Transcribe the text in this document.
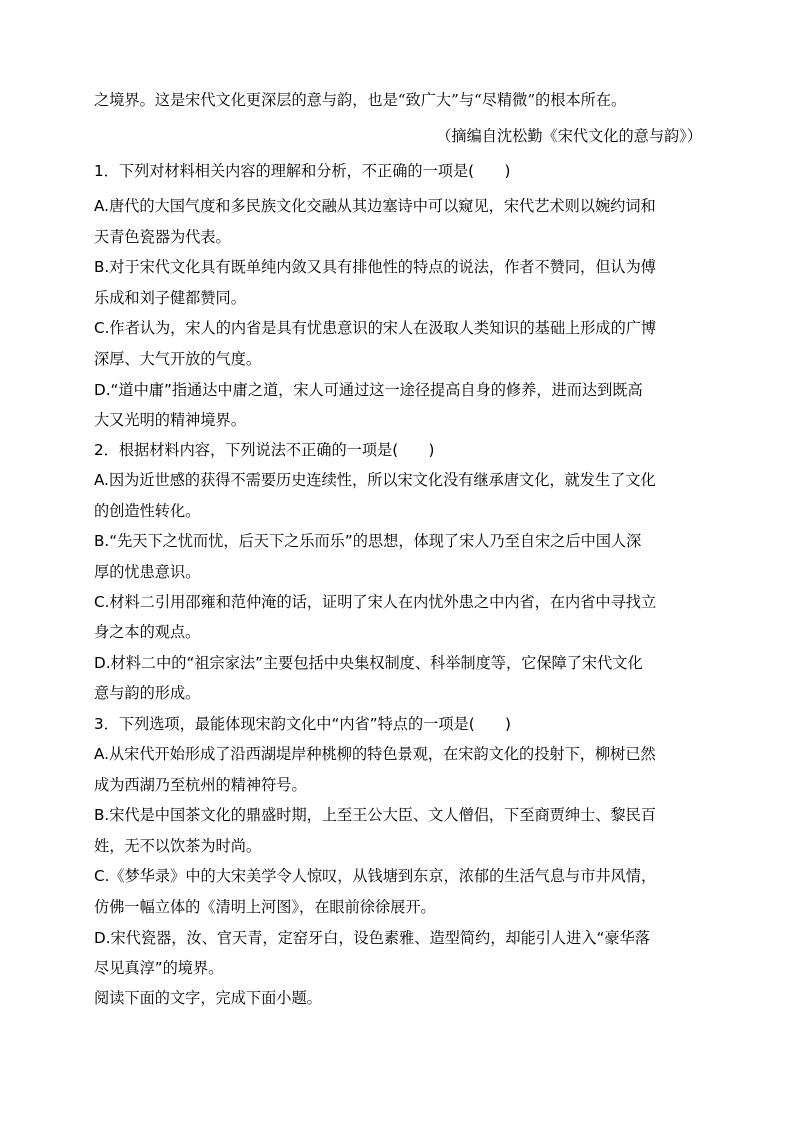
之境界。这是宋代文化更深层的意与韵，也是“致广大”与“尽精微”的根本所在。
（摘编自沈松勤《宋代文化的意与韵》）
1．下列对材料相关内容的理解和分析，不正确的一项是(　　)
A.唐代的大国气度和多民族文化交融从其边塞诗中可以窥见，宋代艺术则以婉约词和
天青色瓷器为代表。
B.对于宋代文化具有既单纯内敛又具有排他性的特点的说法，作者不赞同，但认为傅
乐成和刘子健都赞同。
C.作者认为，宋人的内省是具有忧患意识的宋人在汲取人类知识的基础上形成的广博
深厚、大气开放的气度。
D.“道中庸”指通达中庸之道，宋人可通过这一途径提高自身的修养，进而达到既高
大又光明的精神境界。
2．根据材料内容，下列说法不正确的一项是(　　)
A.因为近世感的获得不需要历史连续性，所以宋文化没有继承唐文化，就发生了文化
的创造性转化。
B.“先天下之忧而忧，后天下之乐而乐”的思想，体现了宋人乃至自宋之后中国人深
厚的忧患意识。
C.材料二引用邵雍和范仲淹的话，证明了宋人在内忧外患之中内省，在内省中寻找立
身之本的观点。
D.材料二中的“祖宗家法”主要包括中央集权制度、科举制度等，它保障了宋代文化
意与韵的形成。
3．下列选项，最能体现宋韵文化中“内省”特点的一项是(　　)
A.从宋代开始形成了沿西湖堤岸种桃柳的特色景观，在宋韵文化的投射下，柳树已然
成为西湖乃至杭州的精神符号。
B.宋代是中国茶文化的鼎盛时期，上至王公大臣、文人僧侣，下至商贾绅士、黎民百
姓，无不以饮茶为时尚。
C.《梦华录》中的大宋美学令人惊叹，从钱塘到东京，浓郁的生活气息与市井风情，
仿佛一幅立体的《清明上河图》，在眼前徐徐展开。
D.宋代瓷器，汝、官天青，定窑牙白，设色素雅、造型简约，却能引人进入“豪华落
尽见真淳”的境界。
阅读下面的文字，完成下面小题。
